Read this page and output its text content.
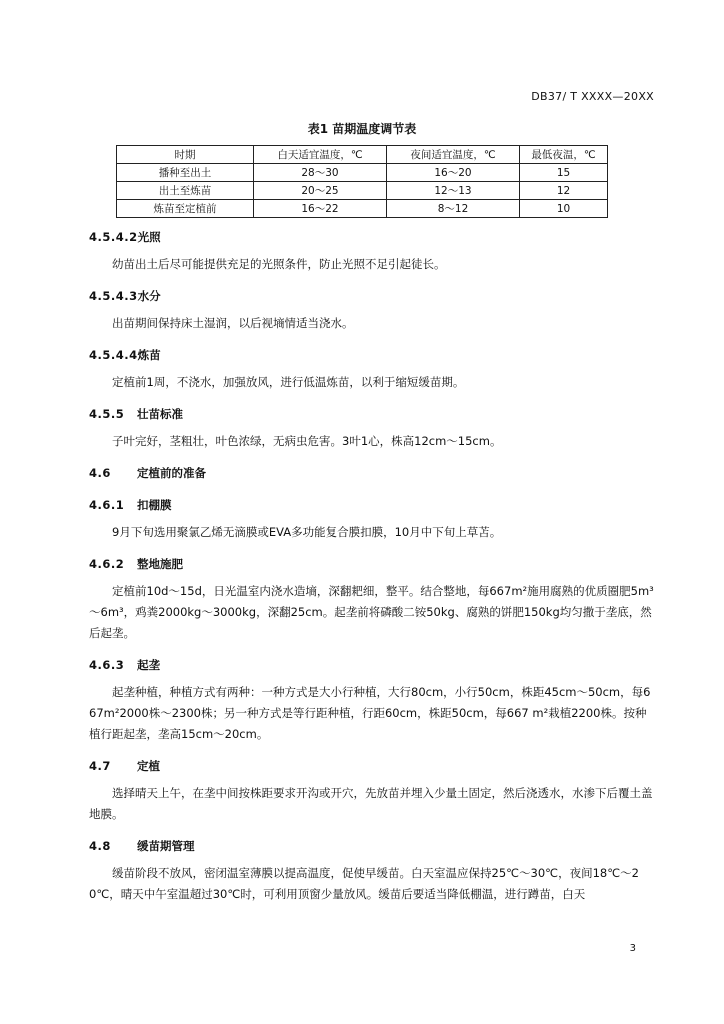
DB37/ T XXXX—20XX
表1 苗期温度调节表
时期	白天适宜温度，℃	夜间适宜温度，℃	最低夜温，℃
播种至出土	28～30	16～20	15
出土至炼苗	20～25	12～13	12
炼苗至定植前	16～22	8～12	10
4.5.4.2光照

幼苗出土后尽可能提供充足的光照条件，防止光照不足引起徒长。

4.5.4.3水分

出苗期间保持床土湿润，以后视墒情适当浇水。

4.5.4.4炼苗

定植前1周，不浇水，加强放风，进行低温炼苗，以利于缩短缓苗期。

4.5.5 壮苗标准

子叶完好，茎粗壮，叶色浓绿，无病虫危害。3叶1心，株高12cm～15cm。

4.6 定植前的准备
4.6.1 扣棚膜

9月下旬选用聚氯乙烯无滴膜或EVA多功能复合膜扣膜，10月中下旬上草苫。

4.6.2 整地施肥

定植前10d～15d，日光温室内浇水造墒，深翻耙细，整平。结合整地，每667m²施用腐熟的优质圈肥5m³～6m³，鸡粪2000kg～3000kg，深翻25cm。起垄前将磷酸二铵50kg、腐熟的饼肥150kg均匀撒于垄底，然后起垄。

4.6.3 起垄

起垄种植，种植方式有两种：一种方式是大小行种植，大行80cm，小行50cm，株距45cm～50cm，每667m²2000株～2300株；另一种方式是等行距种植，行距60cm，株距50cm，每667 m²栽植2200株。按种植行距起垄，垄高15cm～20cm。

4.7 定植

选择晴天上午，在垄中间按株距要求开沟或开穴，先放苗并埋入少量土固定，然后浇透水，水渗下后覆土盖地膜。

4.8 缓苗期管理

缓苗阶段不放风，密闭温室薄膜以提高温度，促使早缓苗。白天室温应保持25℃～30℃，夜间18℃～20℃，晴天中午室温超过30℃时，可利用顶窗少量放风。缓苗后要适当降低棚温，进行蹲苗，白天

3
